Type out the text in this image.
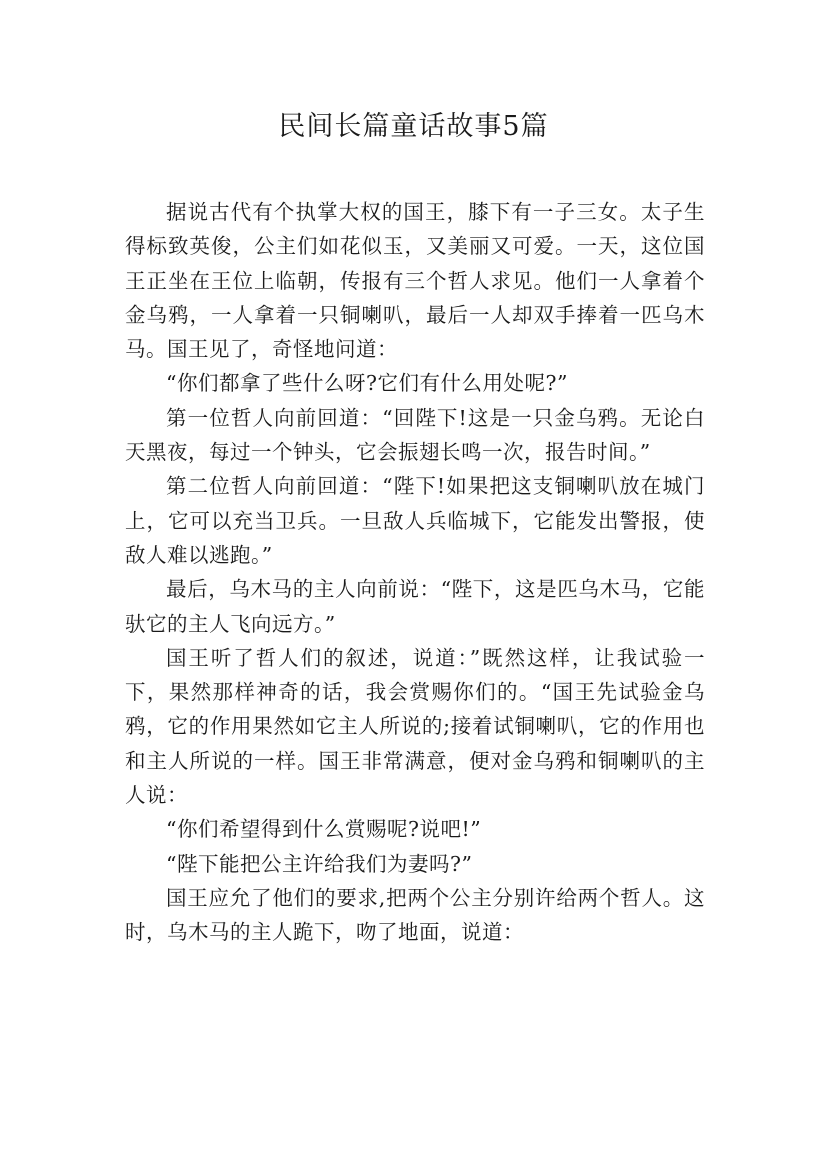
民间长篇童话故事5篇

据说古代有个执掌大权的国王，膝下有一子三女。太子生得标致英俊，公主们如花似玉，又美丽又可爱。一天，这位国王正坐在王位上临朝，传报有三个哲人求见。他们一人拿着个金乌鸦，一人拿着一只铜喇叭，最后一人却双手捧着一匹乌木马。国王见了，奇怪地问道：

“你们都拿了些什么呀?它们有什么用处呢?”

第一位哲人向前回道：“回陛下!这是一只金乌鸦。无论白天黑夜，每过一个钟头，它会振翅长鸣一次，报告时间。”

第二位哲人向前回道：“陛下!如果把这支铜喇叭放在城门上，它可以充当卫兵。一旦敌人兵临城下，它能发出警报，使敌人难以逃跑。”

最后，乌木马的主人向前说：“陛下，这是匹乌木马，它能驮它的主人飞向远方。”

国王听了哲人们的叙述，说道：”既然这样，让我试验一下，果然那样神奇的话，我会赏赐你们的。“国王先试验金乌鸦，它的作用果然如它主人所说的;接着试铜喇叭，它的作用也和主人所说的一样。国王非常满意，便对金乌鸦和铜喇叭的主人说：

“你们希望得到什么赏赐呢?说吧!”

“陛下能把公主许给我们为妻吗?”

国王应允了他们的要求,把两个公主分别许给两个哲人。这时，乌木马的主人跪下，吻了地面，说道：
